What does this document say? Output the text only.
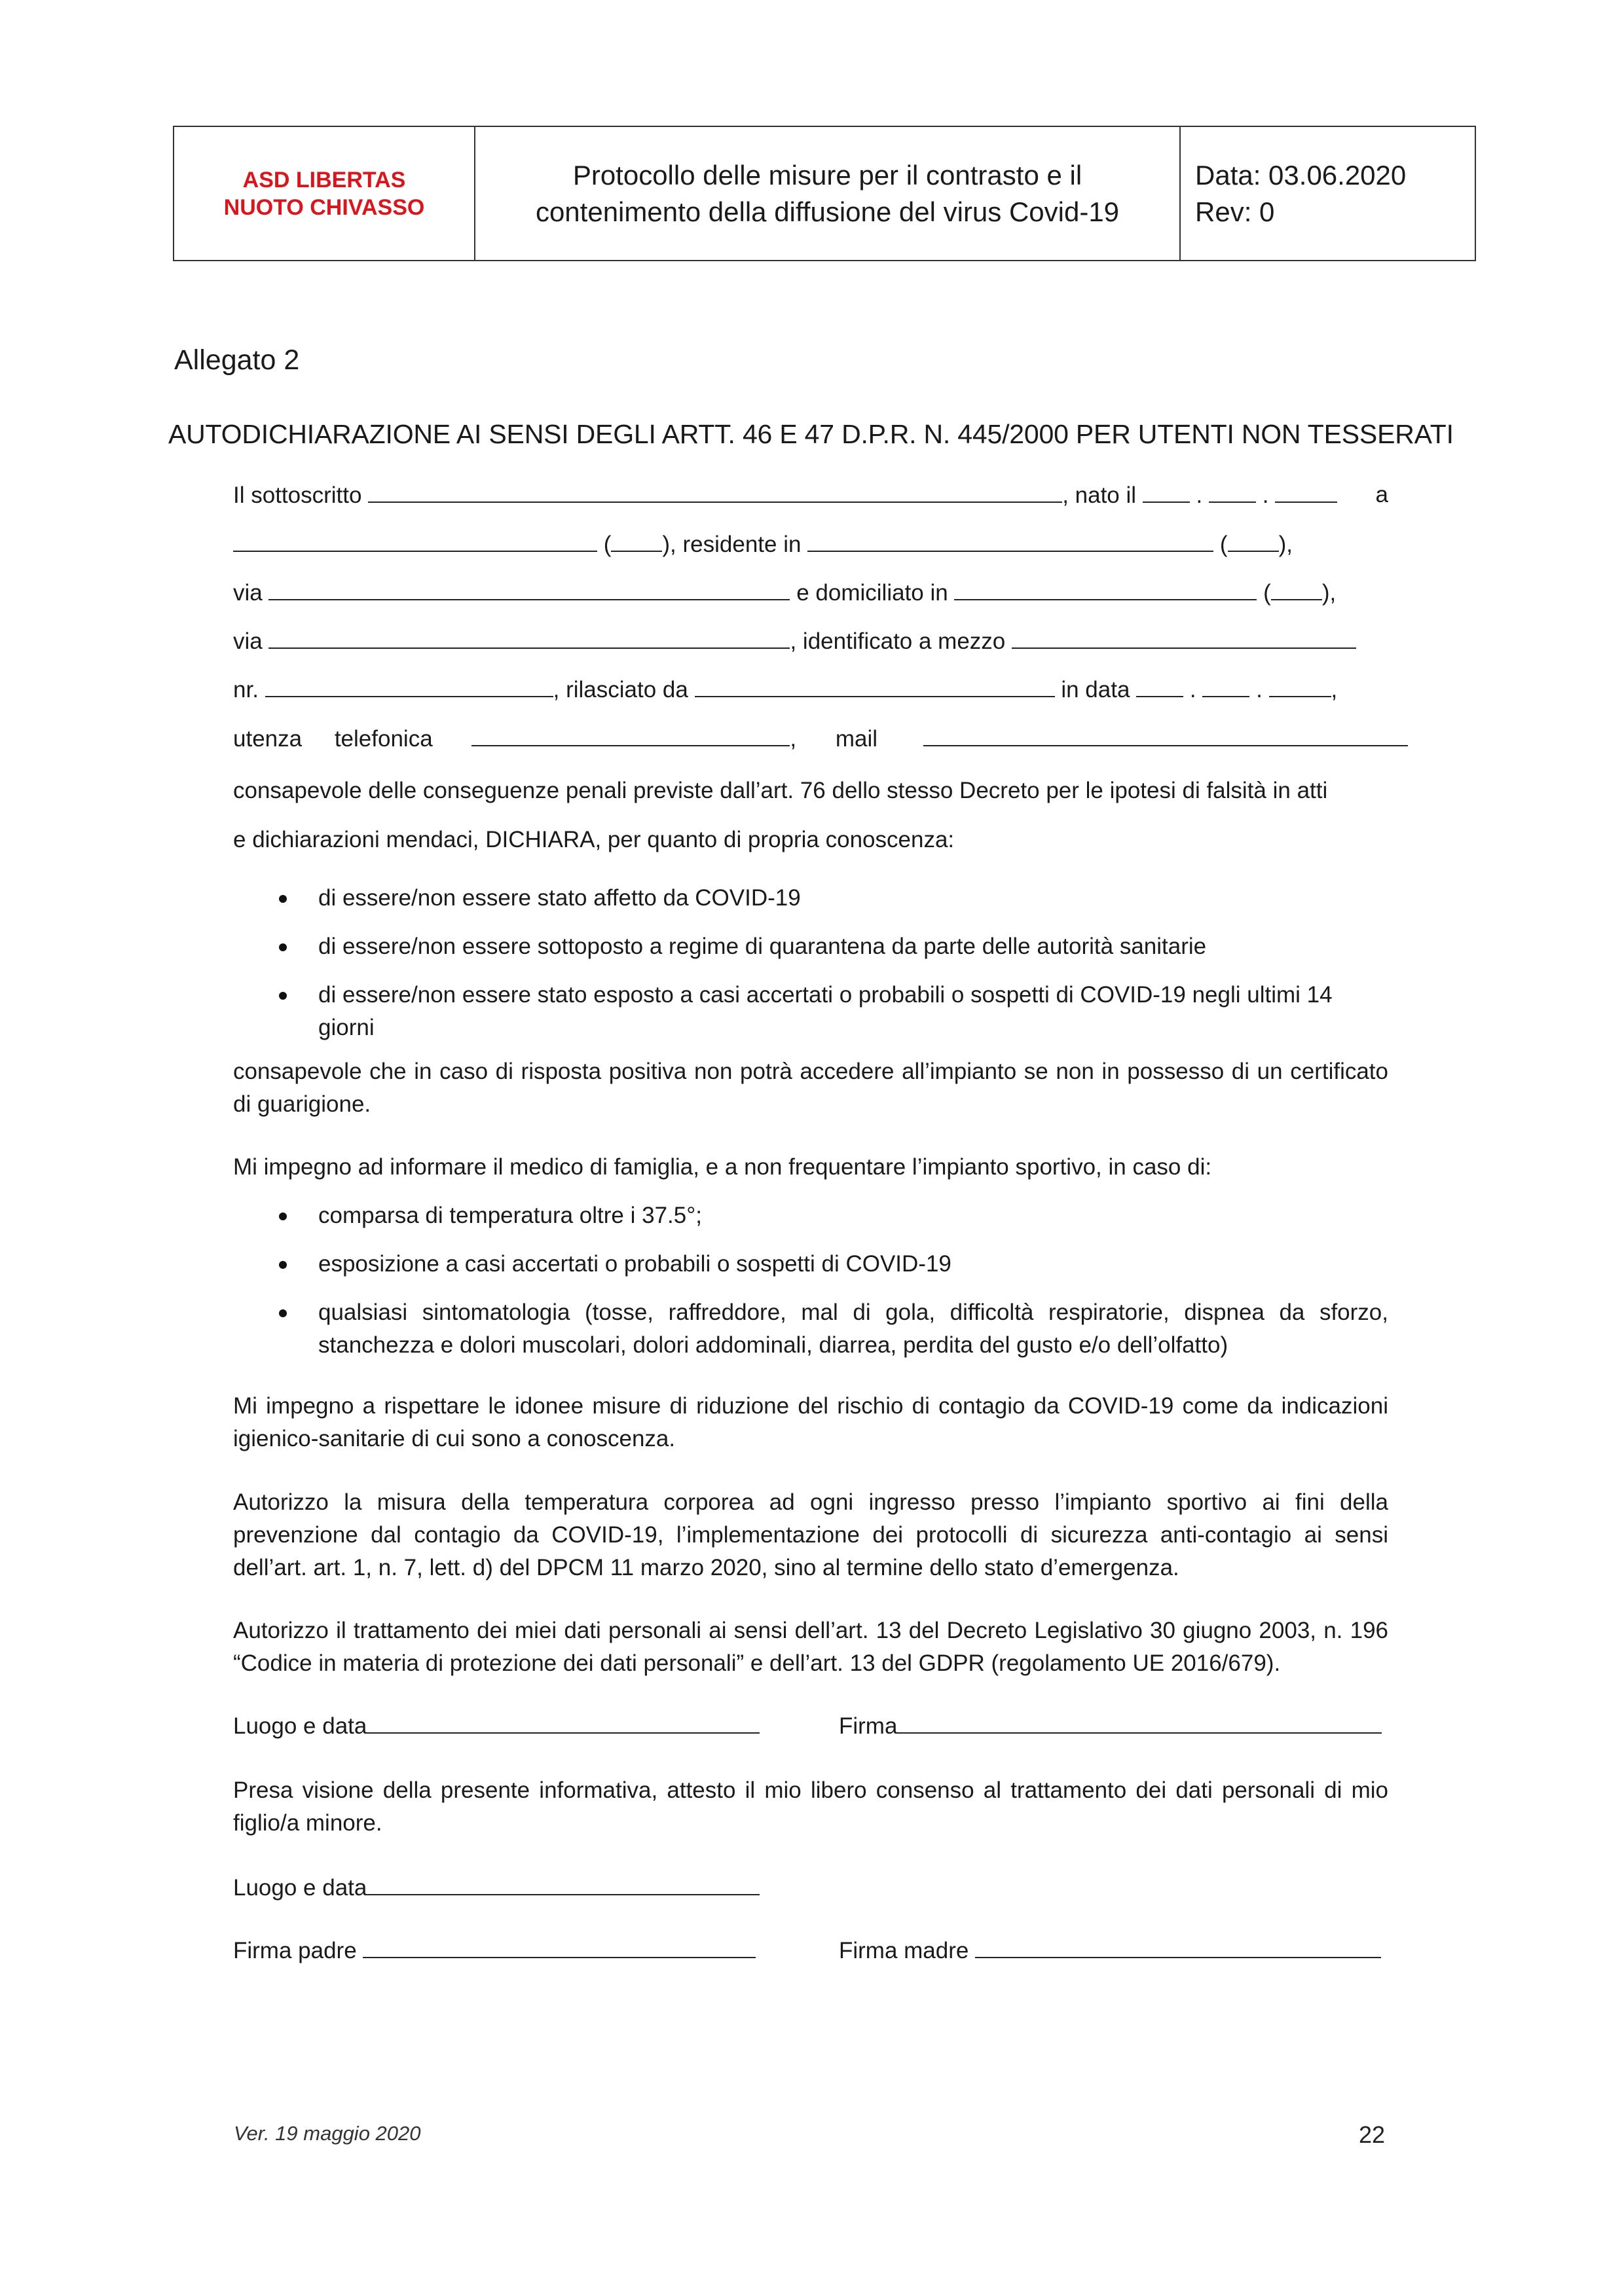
ASD LIBERTAS
NUOTO CHIVASSO
Protocollo delle misure per il contrasto e il
contenimento della diffusione del virus Covid-19
Data: 03.06.2020
Rev: 0
Allegato 2
AUTODICHIARAZIONE AI SENSI DEGLI ARTT. 46 E 47 D.P.R. N. 445/2000 PER UTENTI NON TESSERATI
Il sottoscritto	, nato il  .  .	a
( ), residente in	( ),
via	e domiciliato in	( ),
via	, identificato a mezzo
nr.	, rilasciato da	in data  .  .	,
utenza telefonica	, mail
consapevole delle conseguenze penali previste dall’art. 76 dello stesso Decreto per le ipotesi di falsità in atti
e dichiarazioni mendaci, DICHIARA, per quanto di propria conoscenza:
di essere/non essere stato affetto da COVID-19
di essere/non essere sottoposto a regime di quarantena da parte delle autorità sanitarie
di essere/non essere stato esposto a casi accertati o probabili o sospetti di COVID-19 negli ultimi 14 giorni
consapevole che in caso di risposta positiva non potrà accedere all’impianto se non in possesso di un certificato di guarigione.
Mi impegno ad informare il medico di famiglia, e a non frequentare l’impianto sportivo, in caso di:
comparsa di temperatura oltre i 37.5°;
esposizione a casi accertati o probabili o sospetti di COVID-19
qualsiasi sintomatologia (tosse, raffreddore, mal di gola, difficoltà respiratorie, dispnea da sforzo, stanchezza e dolori muscolari, dolori addominali, diarrea, perdita del gusto e/o dell’olfatto)
Mi impegno a rispettare le idonee misure di riduzione del rischio di contagio da COVID-19 come da indicazioni igienico-sanitarie di cui sono a conoscenza.
Autorizzo la misura della temperatura corporea ad ogni ingresso presso l’impianto sportivo ai fini della prevenzione dal contagio da COVID-19, l’implementazione dei protocolli di sicurezza anti-contagio ai sensi dell’art. art. 1, n. 7, lett. d) del DPCM 11 marzo 2020, sino al termine dello stato d’emergenza.
Autorizzo il trattamento dei miei dati personali ai sensi dell’art. 13 del Decreto Legislativo 30 giugno 2003, n. 196 “Codice in materia di protezione dei dati personali” e dell’art. 13 del GDPR (regolamento UE 2016/679).
Luogo e data	Firma
Presa visione della presente informativa, attesto il mio libero consenso al trattamento dei dati personali di mio figlio/a minore.
Luogo e data
Firma padre	Firma madre
Ver. 19 maggio 2020	22
